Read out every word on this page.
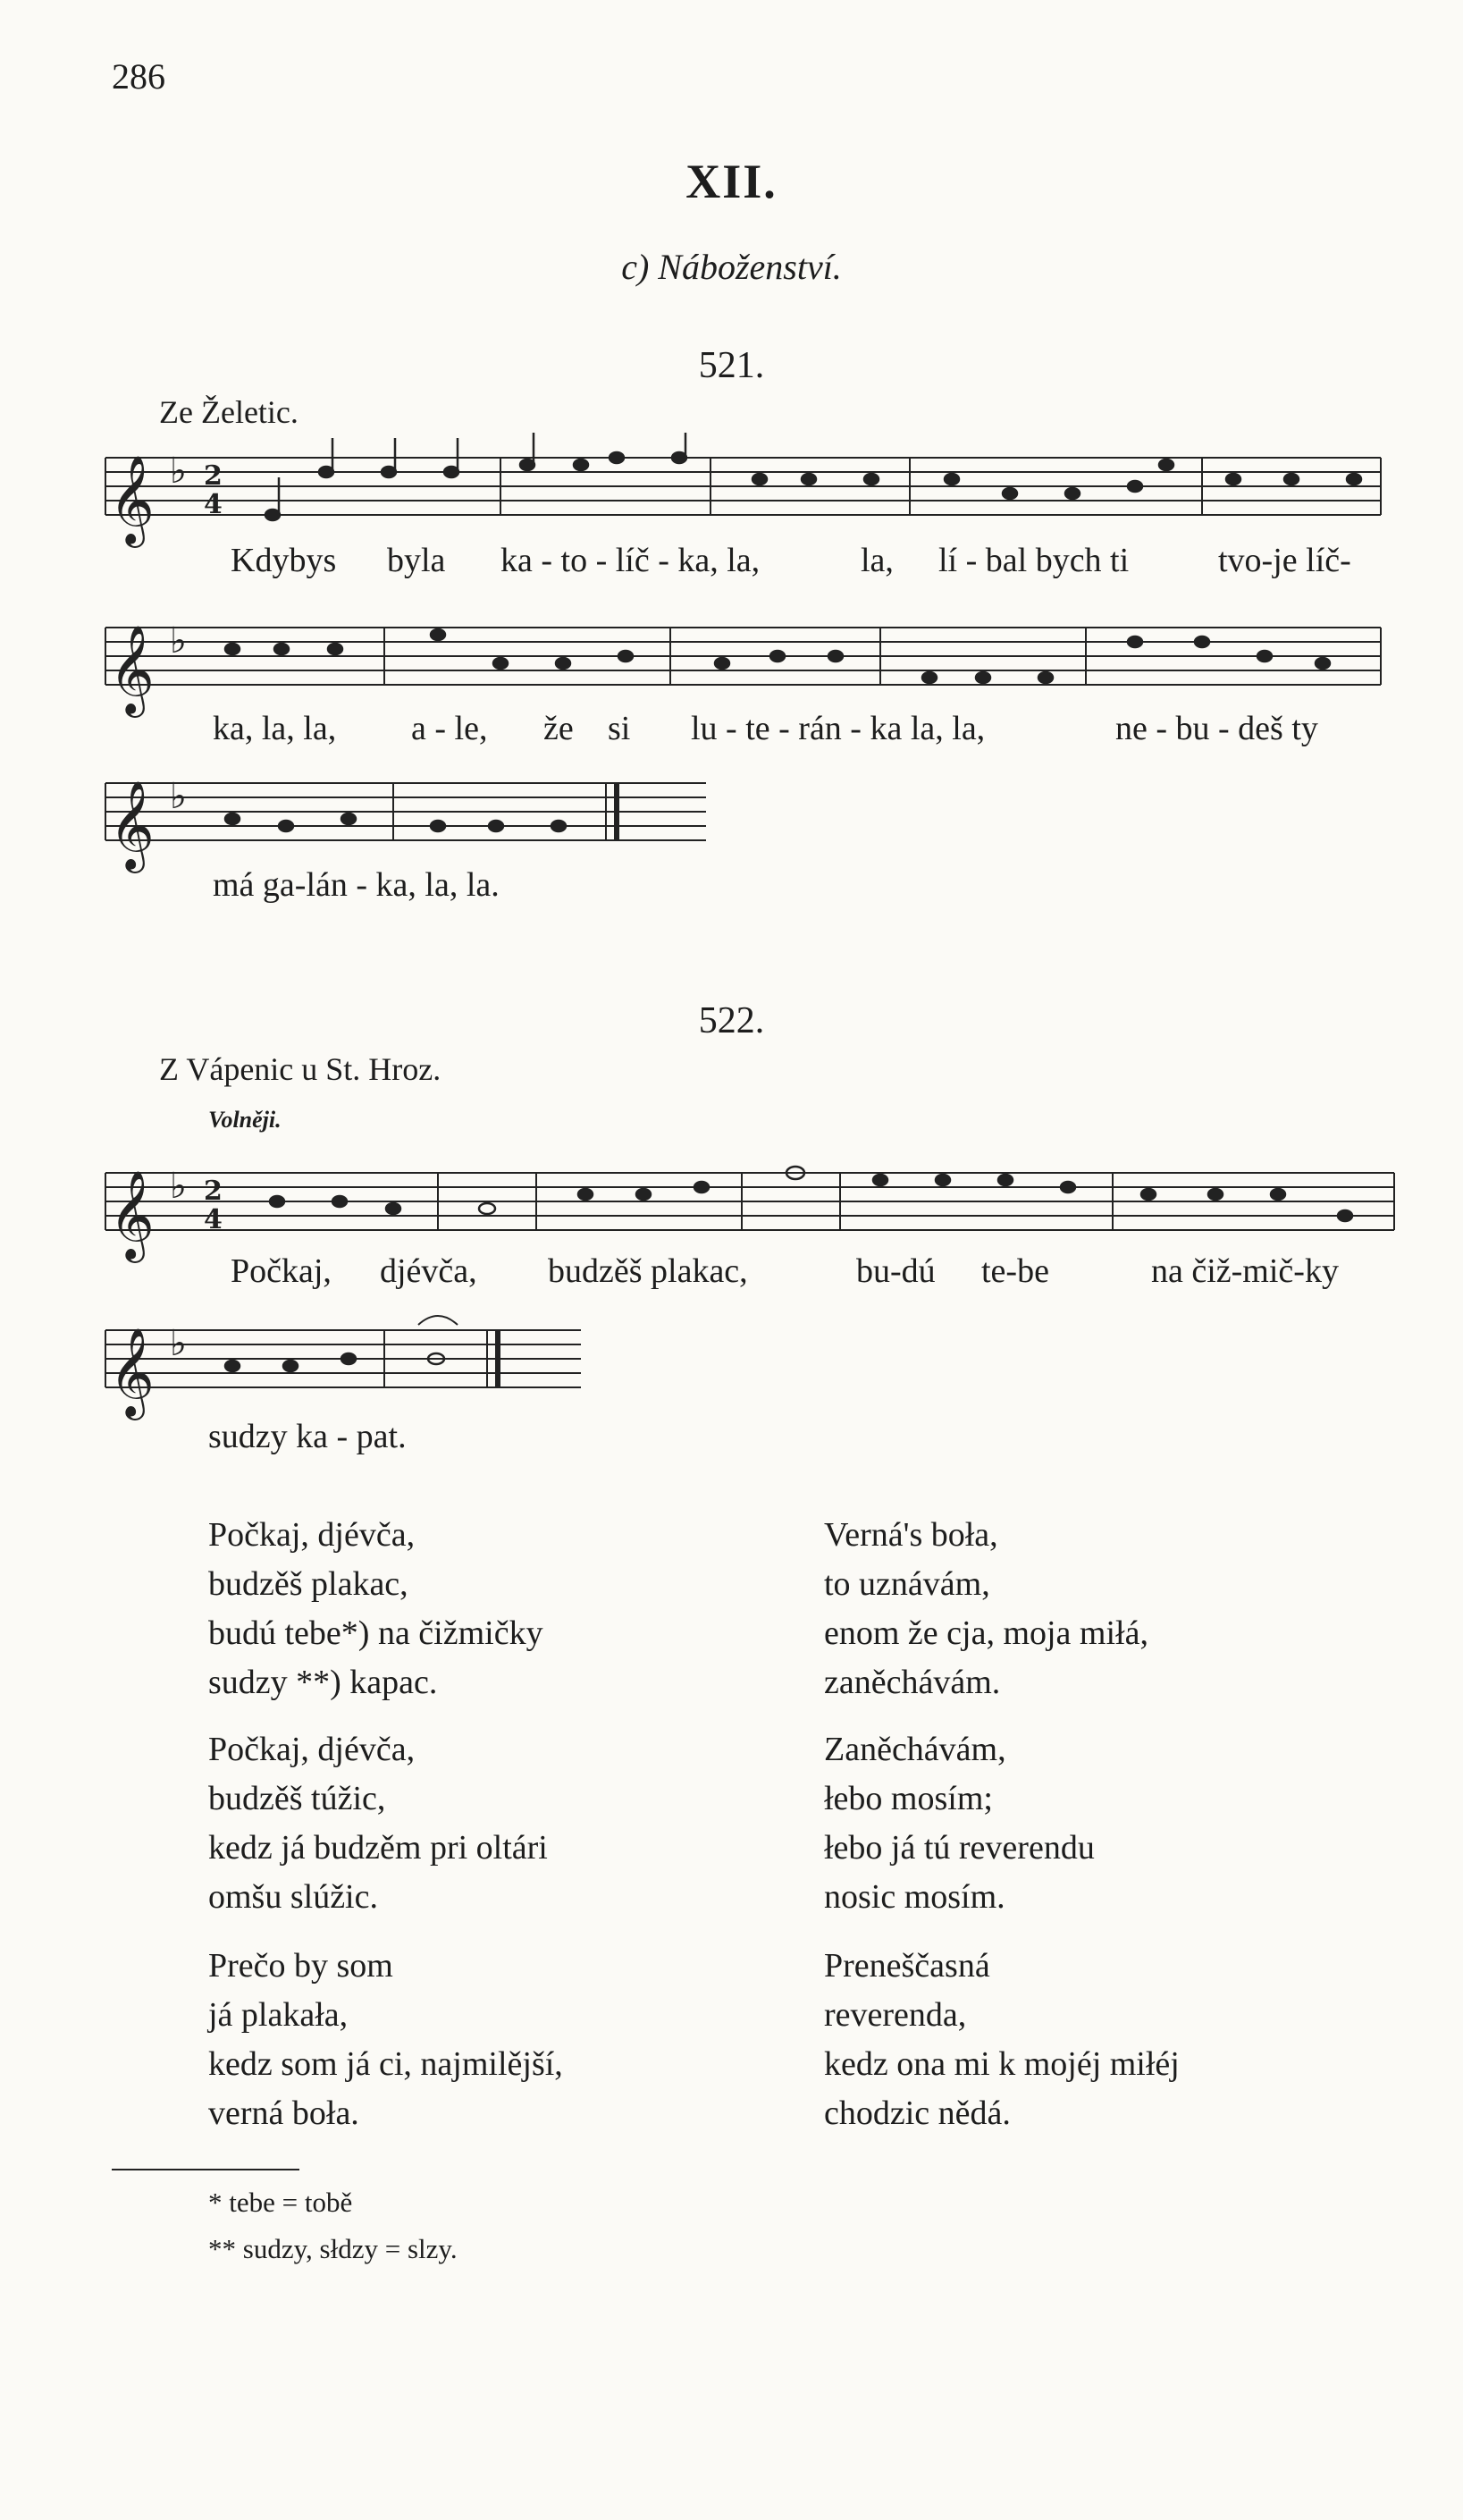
286
XII.
c) Náboženství.
521.
Ze Želetic.
𝄞 ♭ 2
4
𝄞 ♭
𝄞 ♭
Kdybys byla ka - to - líč - ka, la,	la, lí - bal bych ti	tvo-je líč-
ka, la, la, a - le, že si lu - te - rán - ka la, la,	ne - bu - deš ty
má ga-lán - ka, la, la.
522.
Z Vápenic u St. Hroz.
Volněji.
𝄞 ♭ 2
4
𝄞 ♭
Počkaj, djévča, budzěš plakac,	bu-dú te-be	na čiž-mič-ky
sudzy ka - pat.
Počkaj, djévča,
budzěš plakac,
budú tebe*) na čižmičky
sudzy **) kapac.
Počkaj, djévča,
budzěš túžic,
kedz já budzěm pri oltári
omšu slúžic.
Prečo by som
já plakała,
kedz som já ci, najmilější,
verná boła.
Verná's boła,
to uznávám,
enom že cja, moja miłá,
zaněchávám.
Zaněchávám,
łebo mosím;
łebo já tú reverendu
nosic mosím.
Preneščasná
reverenda,
kedz ona mi k mojéj miłéj
chodzic nědá.
* tebe = tobě
** sudzy, słdzy = slzy.
